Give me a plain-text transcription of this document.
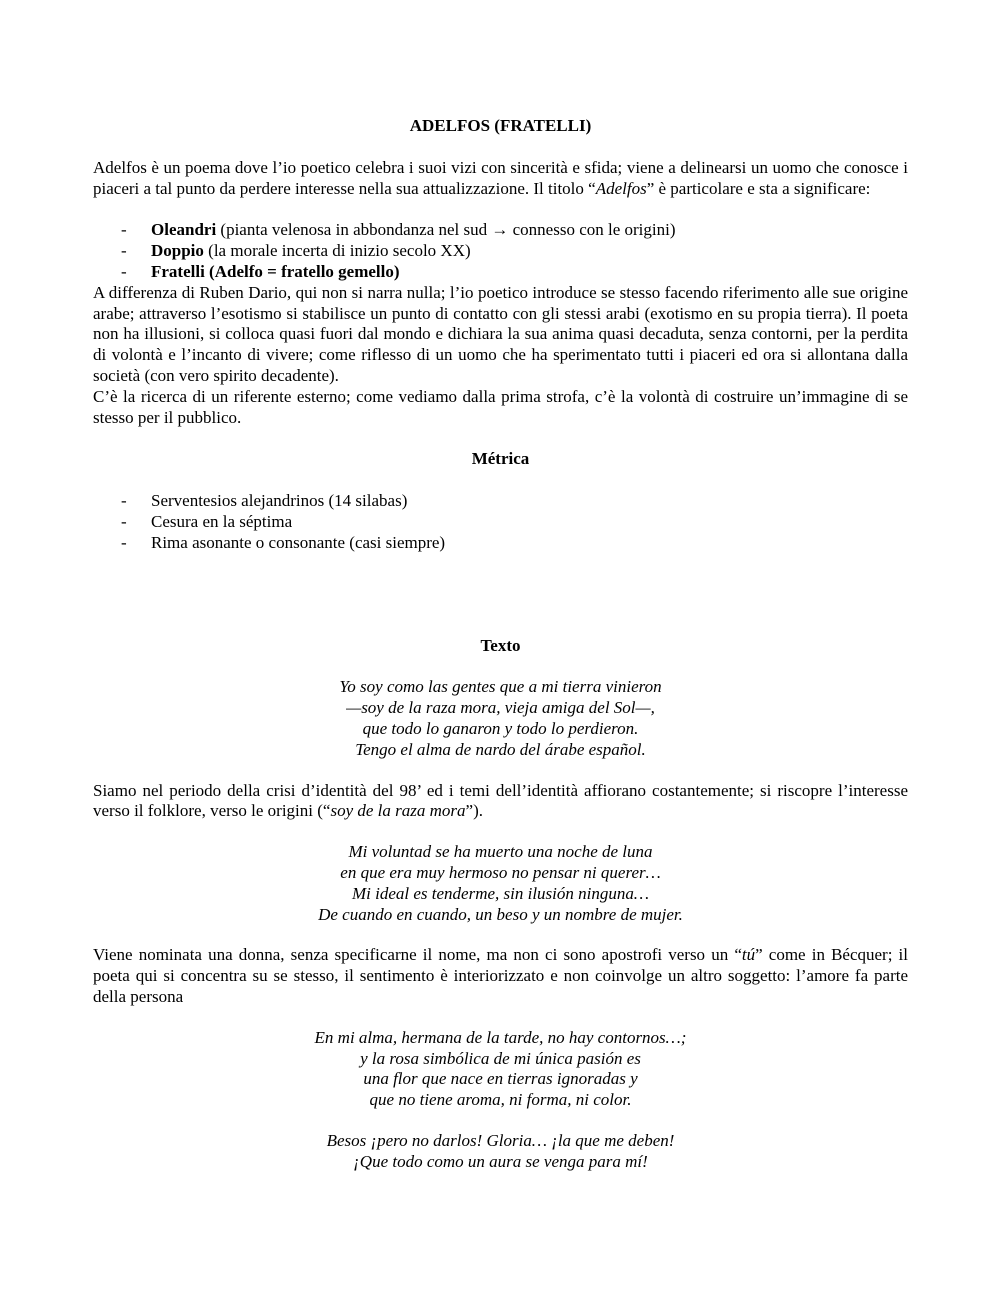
ADELFOS (FRATELLI)

Adelfos è un poema dove l’io poetico celebra i suoi vizi con sincerità e sfida; viene a delinearsi un uomo che conosce i piaceri a tal punto da perdere interesse nella sua attualizzazione. Il titolo “Adelfos” è particolare e sta a significare:

- Oleandri (pianta velenosa in abbondanza nel sud → connesso con le origini)
- Doppio (la morale incerta di inizio secolo XX)
- Fratelli (Adelfo = fratello gemello)

A differenza di Ruben Dario, qui non si narra nulla; l’io poetico introduce se stesso facendo riferimento alle sue origine arabe; attraverso l’esotismo si stabilisce un punto di contatto con gli stessi arabi (exotismo en su propia tierra). Il poeta non ha illusioni, si colloca quasi fuori dal mondo e dichiara la sua anima quasi decaduta, senza contorni, per la perdita di volontà e l’incanto di vivere; come riflesso di un uomo che ha sperimentato tutti i piaceri ed ora si allontana dalla società (con vero spirito decadente).

C’è la ricerca di un riferente esterno; come vediamo dalla prima strofa, c’è la volontà di costruire un’immagine di se stesso per il pubblico.

Métrica

- Serventesios alejandrinos (14 silabas)
- Cesura en la séptima
- Rima asonante o consonante (casi siempre)

Texto

Yo soy como las gentes que a mi tierra vinieron
—soy de la raza mora, vieja amiga del Sol—,
que todo lo ganaron y todo lo perdieron.
Tengo el alma de nardo del árabe español.

Siamo nel periodo della crisi d’identità del 98’ ed i temi dell’identità affiorano costantemente; si riscopre l’interesse verso il folklore, verso le origini (“soy de la raza mora”).

Mi voluntad se ha muerto una noche de luna
en que era muy hermoso no pensar ni querer…
Mi ideal es tenderme, sin ilusión ninguna…
De cuando en cuando, un beso y un nombre de mujer.

Viene nominata una donna, senza specificarne il nome, ma non ci sono apostrofi verso un “tú” come in Bécquer; il poeta qui si concentra su se stesso, il sentimento è interiorizzato e non coinvolge un altro soggetto: l’amore fa parte della persona

En mi alma, hermana de la tarde, no hay contornos…;
y la rosa simbólica de mi única pasión es
una flor que nace en tierras ignoradas y
que no tiene aroma, ni forma, ni color.

Besos ¡pero no darlos! Gloria… ¡la que me deben!
¡Que todo como un aura se venga para mí!
